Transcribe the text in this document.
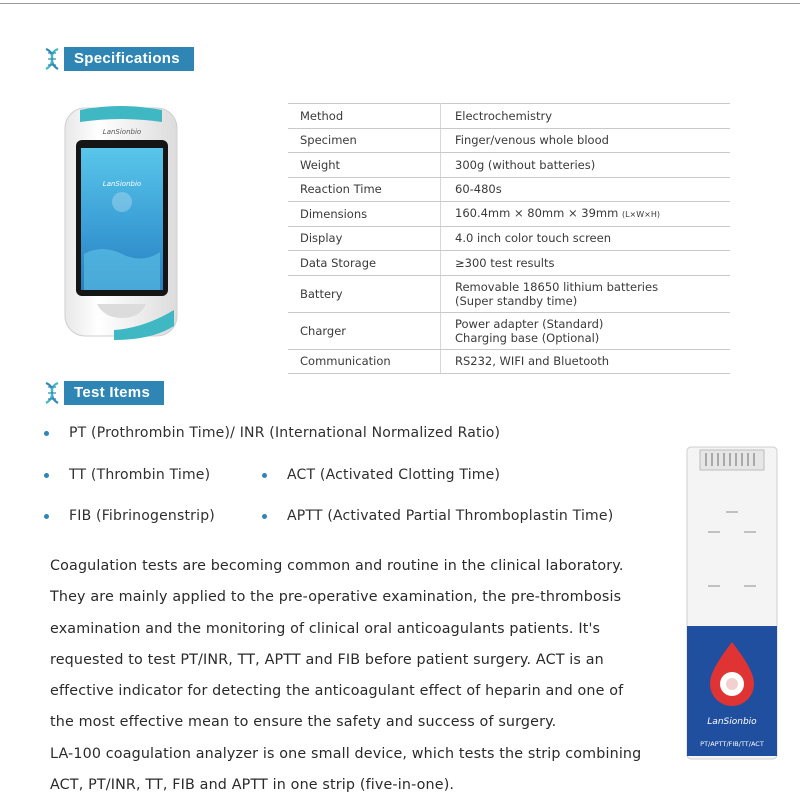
Specifications
LanSionbio
LanSionbio
Method	Electrochemistry
Specimen	Finger/venous whole blood
Weight	300g (without batteries)
Reaction Time	60-480s
Dimensions	160.4mm × 80mm × 39mm (L×W×H)
Display	4.0 inch color touch screen
Data Storage	≥300 test results
Battery	Removable 18650 lithium batteries
(Super standby time)

Charger	Power adapter (Standard)
Charging base (Optional)

Communication	RS232, WIFI and Bluetooth
Test Items
PT (Prothrombin Time)/ INR (International Normalized Ratio)
TT (Thrombin Time)	ACT (Activated Clotting Time)
FIB (Fibrinogenstrip)	APTT (Activated Partial Thromboplastin Time)

Coagulation tests are becoming common and routine in the clinical laboratory.

They are mainly applied to the pre-operative examination, the pre-thrombosis

examination and the monitoring of clinical oral anticoagulants patients. It's

requested to test PT/INR, TT, APTT and FIB before patient surgery. ACT is an

effective indicator for detecting the anticoagulant effect of heparin and one of

the most effective mean to ensure the safety and success of surgery.

LA-100 coagulation analyzer is one small device, which tests the strip combining

ACT, PT/INR, TT, FIB and APTT in one strip (five-in-one).

LanSionbio
PT/APTT/FIB/TT/ACT
